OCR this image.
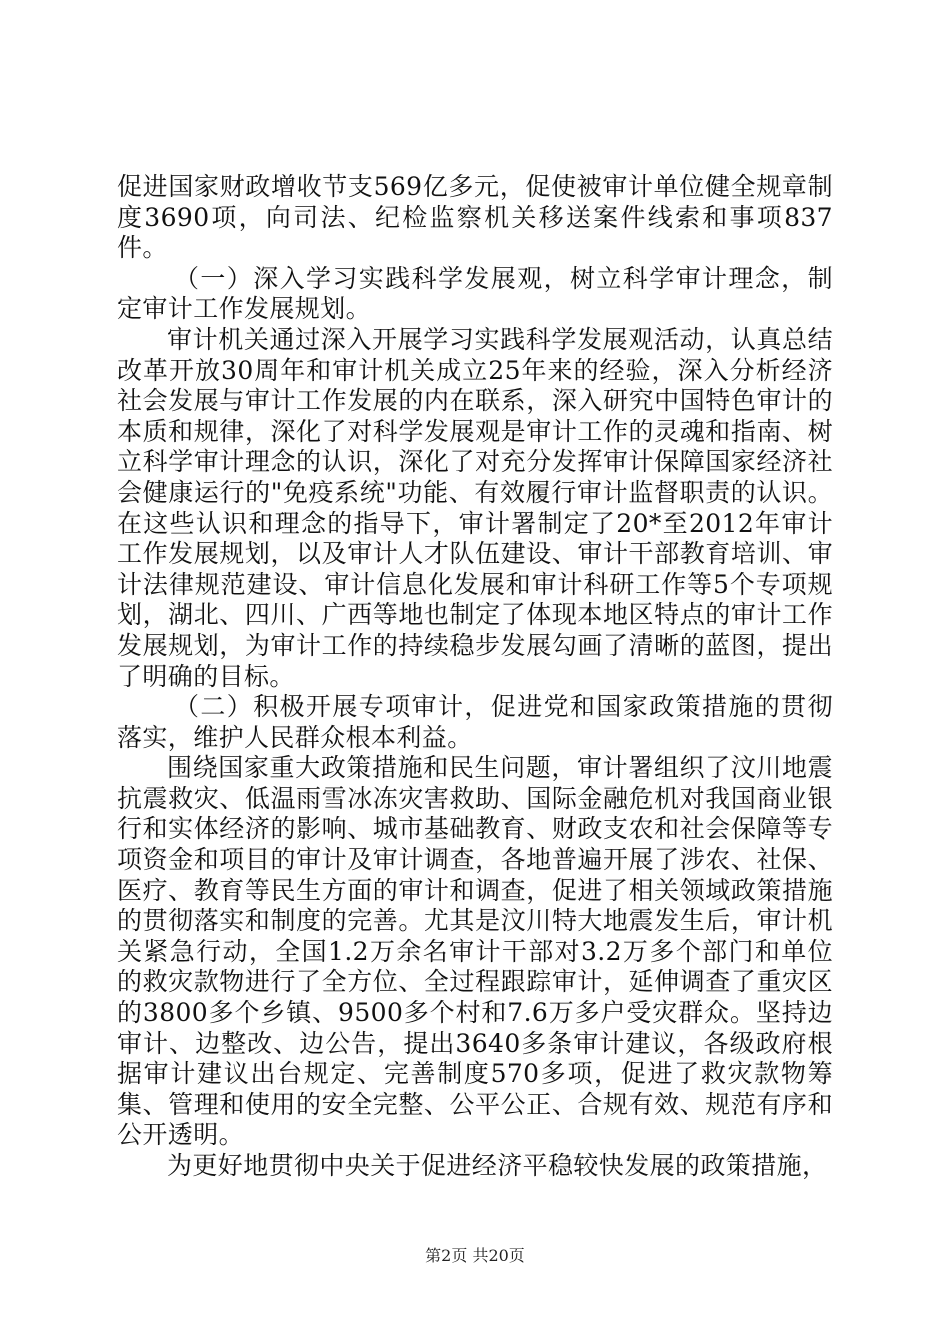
促进国家财政增收节支569亿多元，促使被审计单位健全规章制度3690项，向司法、纪检监察机关移送案件线索和事项837件。

（一）深入学习实践科学发展观，树立科学审计理念，制定审计工作发展规划。

审计机关通过深入开展学习实践科学发展观活动，认真总结改革开放30周年和审计机关成立25年来的经验，深入分析经济社会发展与审计工作发展的内在联系，深入研究中国特色审计的本质和规律，深化了对科学发展观是审计工作的灵魂和指南、树立科学审计理念的认识，深化了对充分发挥审计保障国家经济社会健康运行的"免疫系统"功能、有效履行审计监督职责的认识。在这些认识和理念的指导下，审计署制定了20*至2012年审计工作发展规划，以及审计人才队伍建设、审计干部教育培训、审计法律规范建设、审计信息化发展和审计科研工作等5个专项规划，湖北、四川、广西等地也制定了体现本地区特点的审计工作发展规划，为审计工作的持续稳步发展勾画了清晰的蓝图，提出了明确的目标。

（二）积极开展专项审计，促进党和国家政策措施的贯彻落实，维护人民群众根本利益。

围绕国家重大政策措施和民生问题，审计署组织了汶川地震抗震救灾、低温雨雪冰冻灾害救助、国际金融危机对我国商业银行和实体经济的影响、城市基础教育、财政支农和社会保障等专项资金和项目的审计及审计调查，各地普遍开展了涉农、社保、医疗、教育等民生方面的审计和调查，促进了相关领域政策措施的贯彻落实和制度的完善。尤其是汶川特大地震发生后，审计机关紧急行动，全国1.2万余名审计干部对3.2万多个部门和单位的救灾款物进行了全方位、全过程跟踪审计，延伸调查了重灾区的3800多个乡镇、9500多个村和7.6万多户受灾群众。坚持边审计、边整改、边公告，提出3640多条审计建议，各级政府根据审计建议出台规定、完善制度570多项，促进了救灾款物筹集、管理和使用的安全完整、公平公正、合规有效、规范有序和公开透明。

为更好地贯彻中央关于促进经济平稳较快发展的政策措施，

第2页 共20页
